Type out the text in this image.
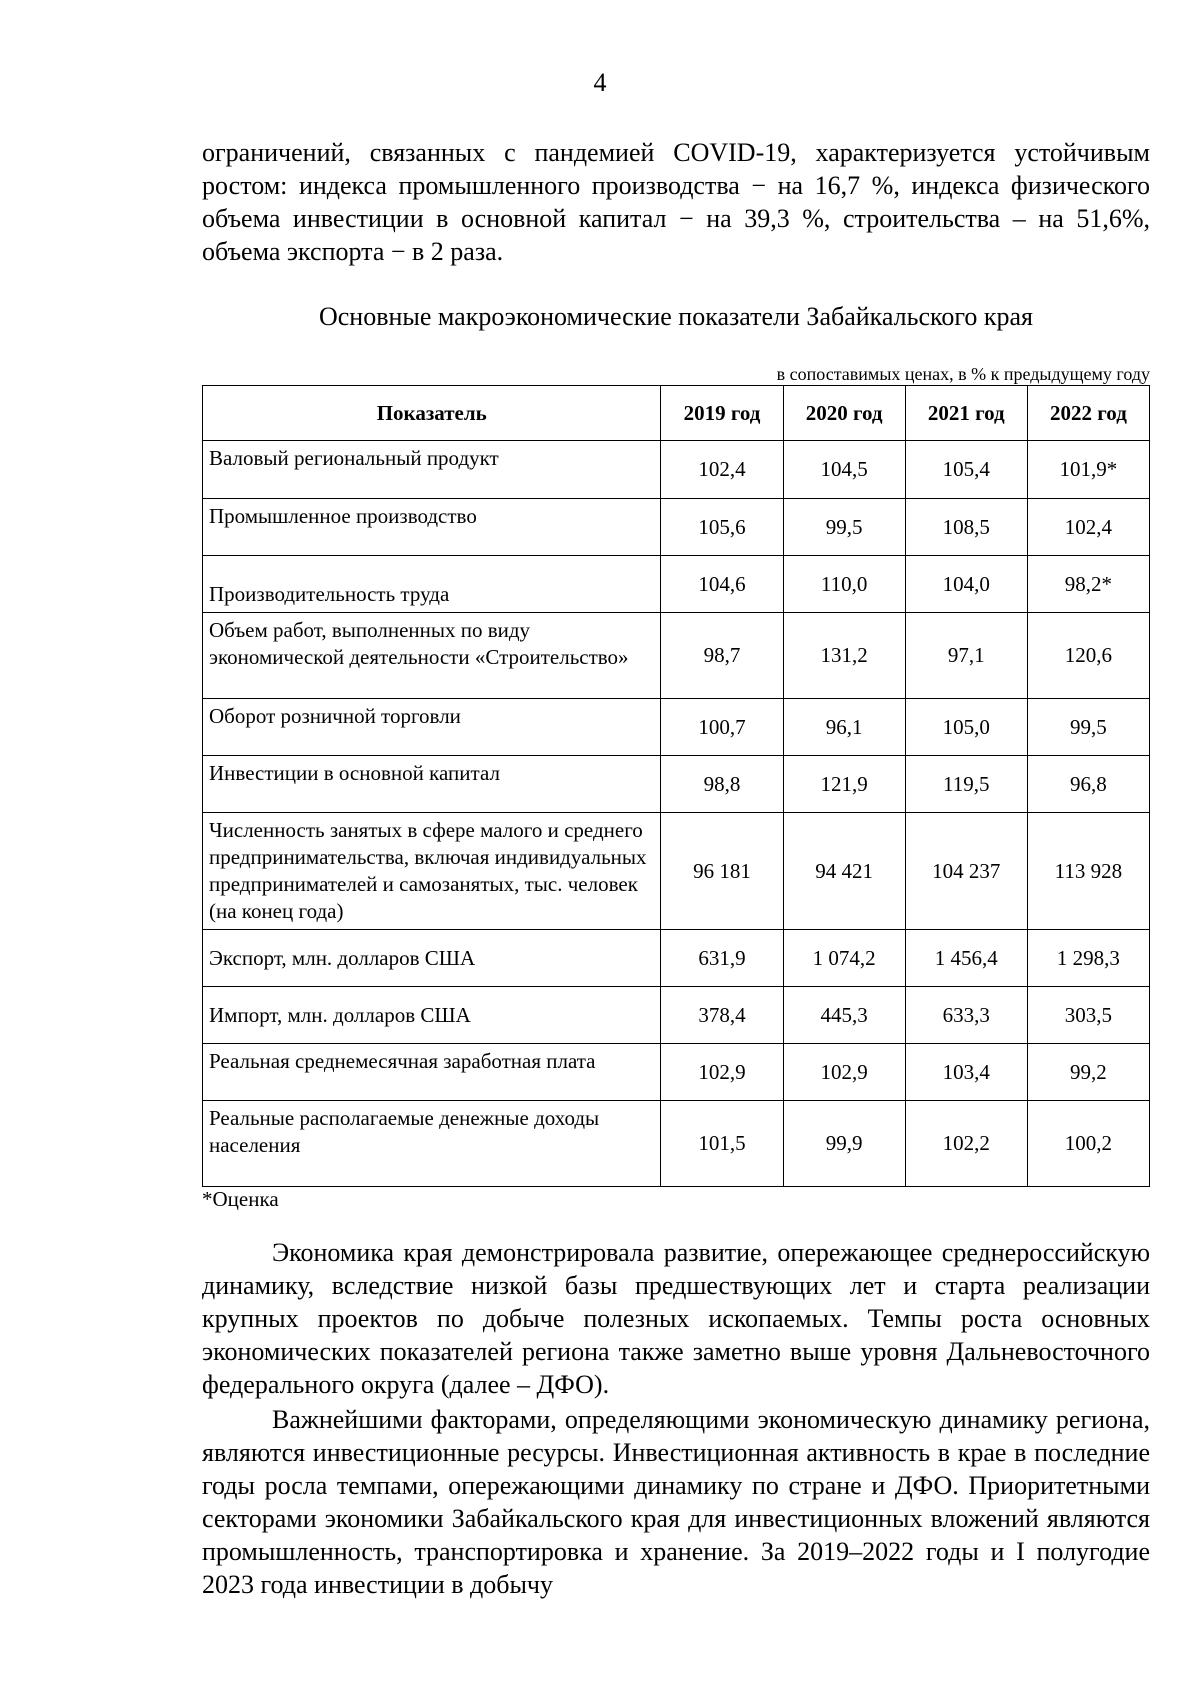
4

ограничений, связанных с пандемией COVID-19, характеризуется устойчивым ростом: индекса промышленного производства − на 16,7 %, индекса физического объема инвестиции в основной капитал − на 39,3 %, строительства – на 51,6%, объема экспорта − в 2 раза.

Основные макроэкономические показатели Забайкальского края
в сопоставимых ценах, в % к предыдущему году
Показатель	2019 год	2020 год	2021 год	2022 год
Валовый региональный продукт	102,4	104,5	105,4	101,9*
Промышленное производство	105,6	99,5	108,5	102,4
Производительность труда	104,6	110,0	104,0	98,2*
Объем работ, выполненных по виду экономической деятельности «Строительство»	98,7	131,2	97,1	120,6
Оборот розничной торговли	100,7	96,1	105,0	99,5
Инвестиции в основной капитал	98,8	121,9	119,5	96,8
Численность занятых в сфере малого и среднего предпринимательства, включая индивидуальных предпринимателей и самозанятых, тыс. человек (на конец года)	96 181	94 421	104 237	113 928
Экспорт, млн. долларов США	631,9	1 074,2	1 456,4	1 298,3
Импорт, млн. долларов США	378,4	445,3	633,3	303,5
Реальная среднемесячная заработная плата	102,9	102,9	103,4	99,2
Реальные располагаемые денежные доходы населения	101,5	99,9	102,2	100,2
*Оценка

Экономика края демонстрировала развитие, опережающее среднероссийскую динамику, вследствие низкой базы предшествующих лет и старта реализации крупных проектов по добыче полезных ископаемых. Темпы роста основных экономических показателей региона также заметно выше уровня Дальневосточного федерального округа (далее – ДФО).

Важнейшими факторами, определяющими экономическую динамику региона, являются инвестиционные ресурсы. Инвестиционная активность в крае в последние годы росла темпами, опережающими динамику по стране и ДФО. Приоритетными секторами экономики Забайкальского края для инвестиционных вложений являются промышленность, транспортировка и хранение. За 2019–2022 годы и I полугодие 2023 года инвестиции в добычу
